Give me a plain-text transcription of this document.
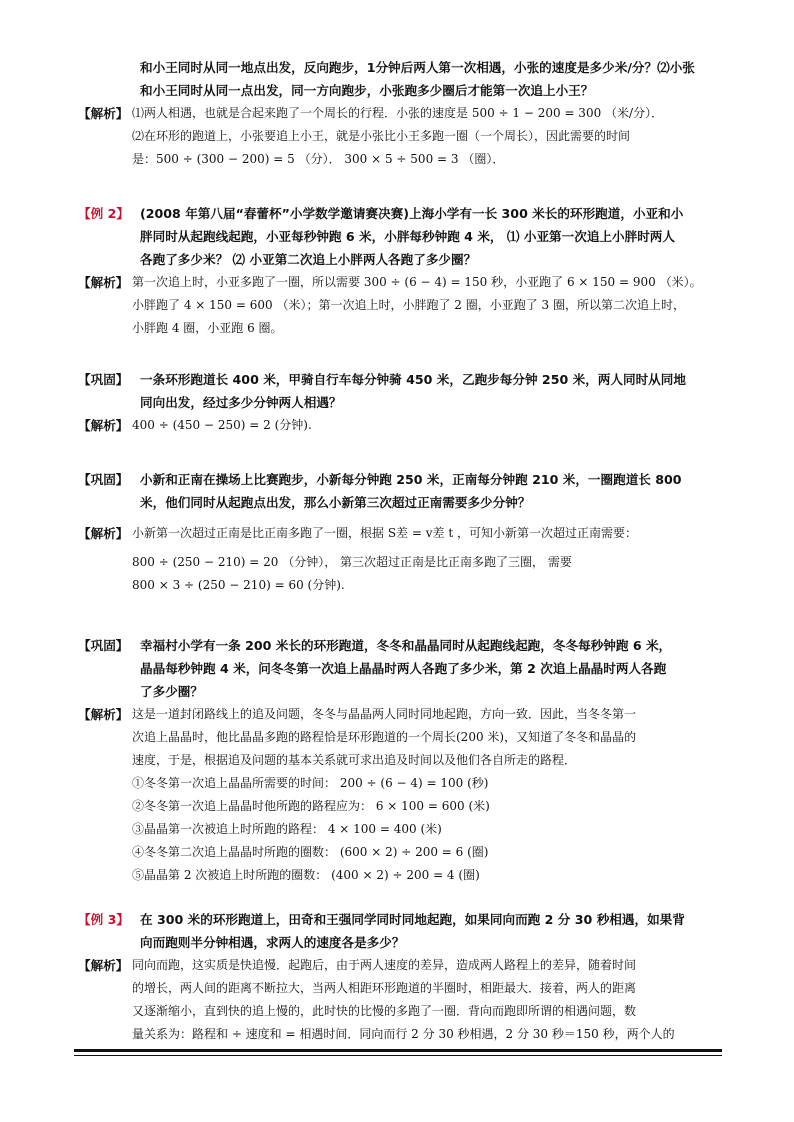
和小王同时从同一地点出发，反向跑步，1分钟后两人第一次相遇，小张的速度是多少米/分？⑵小张
和小王同时从同一点出发，同一方向跑步，小张跑多少圈后才能第一次追上小王？
【解析】 ⑴两人相遇，也就是合起来跑了一个周长的行程．小张的速度是 500 ÷ 1 − 200 = 300 （米/分）．
⑵在环形的跑道上，小张要追上小王，就是小张比小王多跑一圈（一个周长），因此需要的时间
是：500 ÷ (300 − 200) = 5 （分）． 300 × 5 ÷ 500 = 3 （圈）．
【例 2】 (2008 年第八届“春蕾杯”小学数学邀请赛决赛)上海小学有一长 300 米长的环形跑道，小亚和小
胖同时从起跑线起跑，小亚每秒钟跑 6 米，小胖每秒钟跑 4 米， ⑴ 小亚第一次追上小胖时两人
各跑了多少米？ ⑵ 小亚第二次追上小胖两人各跑了多少圈？
【解析】 第一次追上时，小亚多跑了一圈，所以需要 300 ÷ (6 − 4) = 150 秒，小亚跑了 6 × 150 = 900 （米）。
小胖跑了 4 × 150 = 600 （米）；第一次追上时，小胖跑了 2 圈，小亚跑了 3 圈，所以第二次追上时，
小胖跑 4 圈，小亚跑 6 圈。
【巩固】 一条环形跑道长 400 米，甲骑自行车每分钟骑 450 米，乙跑步每分钟 250 米，两人同时从同地
同向出发，经过多少分钟两人相遇？
【解析】 400 ÷ (450 − 250) = 2 (分钟).
【巩固】 小新和正南在操场上比赛跑步，小新每分钟跑 250 米，正南每分钟跑 210 米，一圈跑道长 800
米，他们同时从起跑点出发，那么小新第三次超过正南需要多少分钟？
【解析】 小新第一次超过正南是比正南多跑了一圈，根据 S差 = v差 t ，可知小新第一次超过正南需要：
800 ÷ (250 − 210) = 20 （分钟）， 第三次超过正南是比正南多跑了三圈， 需要
800 × 3 ÷ (250 − 210) = 60 (分钟).
【巩固】 幸福村小学有一条 200 米长的环形跑道，冬冬和晶晶同时从起跑线起跑，冬冬每秒钟跑 6 米，
晶晶每秒钟跑 4 米，问冬冬第一次追上晶晶时两人各跑了多少米，第 2 次追上晶晶时两人各跑
了多少圈？
【解析】 这是一道封闭路线上的追及问题，冬冬与晶晶两人同时同地起跑，方向一致．因此，当冬冬第一
次追上晶晶时，他比晶晶多跑的路程恰是环形跑道的一个周长(200 米)，又知道了冬冬和晶晶的
速度，于是，根据追及问题的基本关系就可求出追及时间以及他们各自所走的路程．
①冬冬第一次追上晶晶所需要的时间： 200 ÷ (6 − 4) = 100 (秒)
②冬冬第一次追上晶晶时他所跑的路程应为： 6 × 100 = 600 (米)
③晶晶第一次被追上时所跑的路程： 4 × 100 = 400 (米)
④冬冬第二次追上晶晶时所跑的圈数： (600 × 2) ÷ 200 = 6 (圈)
⑤晶晶第 2 次被追上时所跑的圈数： (400 × 2) ÷ 200 = 4 (圈)
【例 3】 在 300 米的环形跑道上，田奇和王强同学同时同地起跑，如果同向而跑 2 分 30 秒相遇，如果背
向而跑则半分钟相遇，求两人的速度各是多少？
【解析】 同向而跑，这实质是快追慢．起跑后，由于两人速度的差异，造成两人路程上的差异，随着时间
的增长，两人间的距离不断拉大，当两人相距环形跑道的半圈时，相距最大．接着，两人的距离
又逐渐缩小，直到快的追上慢的，此时快的比慢的多跑了一圈．背向而跑即所谓的相遇问题，数
量关系为：路程和 ÷ 速度和 = 相遇时间．同向而行 2 分 30 秒相遇，2 分 30 秒＝150 秒，两个人的
